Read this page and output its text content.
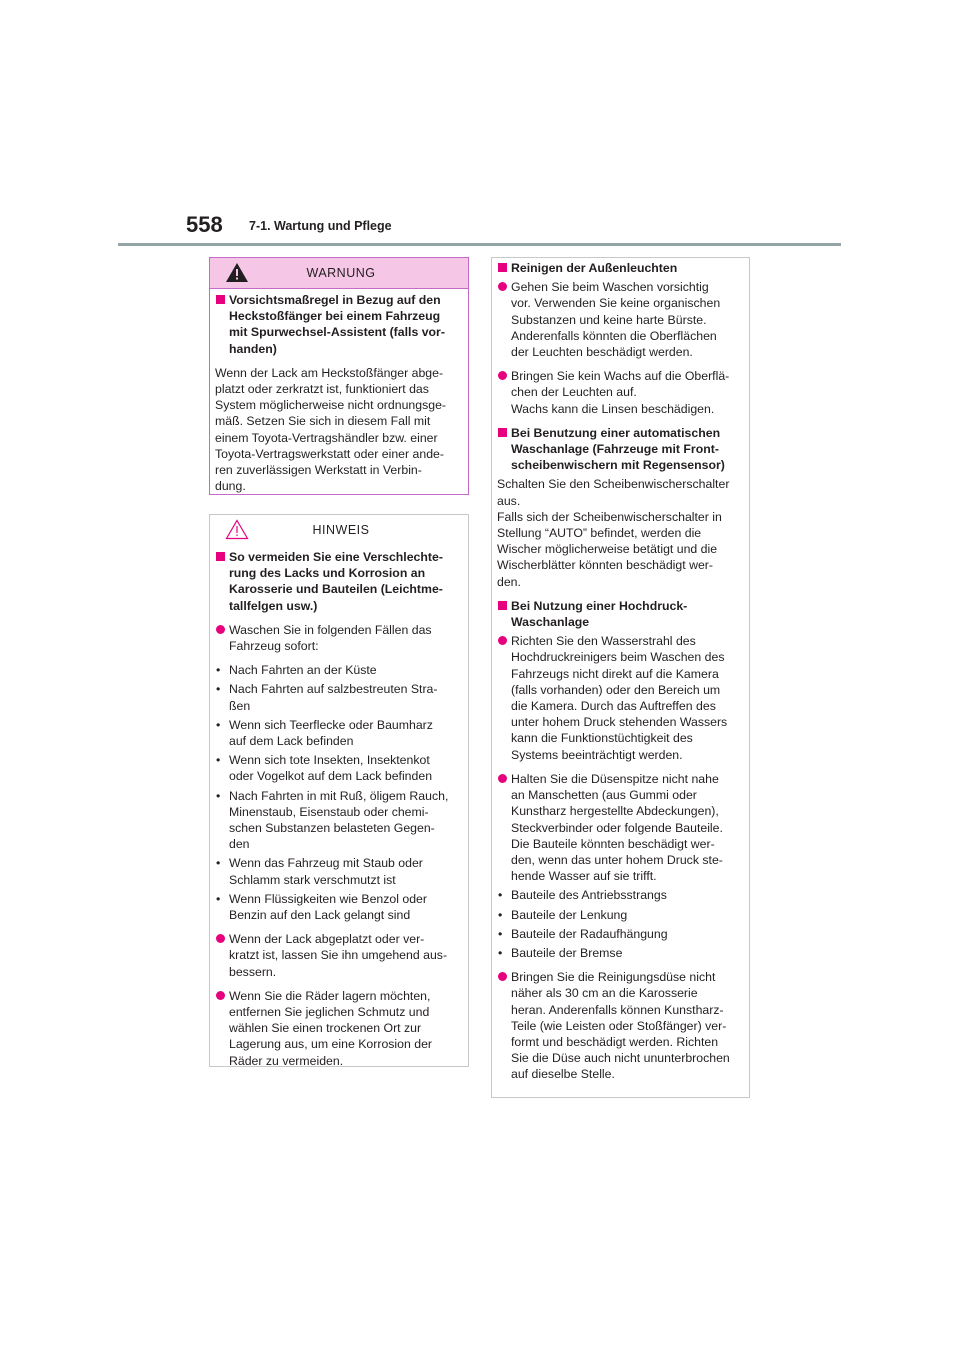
558 7-1. Wartung und Pflege
WARNUNG
Vorsichtsmaßregel in Bezug auf den
Heckstoßfänger bei einem Fahrzeug
mit Spurwechsel-Assistent (falls vor-
handen)
Wenn der Lack am Heckstoßfänger abge-
platzt oder zerkratzt ist, funktioniert das
System möglicherweise nicht ordnungsge-
mäß. Setzen Sie sich in diesem Fall mit
einem Toyota-Vertragshändler bzw. einer
Toyota-Vertragswerkstatt oder einer ande-
ren zuverlässigen Werkstatt in Verbin-
dung.
HINWEIS
So vermeiden Sie eine Verschlechte-
rung des Lacks und Korrosion an
Karosserie und Bauteilen (Leichtme-
tallfelgen usw.)
Waschen Sie in folgenden Fällen das
Fahrzeug sofort:
• Nach Fahrten an der Küste
• Nach Fahrten auf salzbestreuten Stra-
ßen
• Wenn sich Teerflecke oder Baumharz
auf dem Lack befinden
• Wenn sich tote Insekten, Insektenkot
oder Vogelkot auf dem Lack befinden
• Nach Fahrten in mit Ruß, öligem Rauch,
Minenstaub, Eisenstaub oder chemi-
schen Substanzen belasteten Gegen-
den
• Wenn das Fahrzeug mit Staub oder
Schlamm stark verschmutzt ist
• Wenn Flüssigkeiten wie Benzol oder
Benzin auf den Lack gelangt sind
Wenn der Lack abgeplatzt oder ver-
kratzt ist, lassen Sie ihn umgehend aus-
bessern.
Wenn Sie die Räder lagern möchten,
entfernen Sie jeglichen Schmutz und
wählen Sie einen trockenen Ort zur
Lagerung aus, um eine Korrosion der
Räder zu vermeiden.
Reinigen der Außenleuchten
Gehen Sie beim Waschen vorsichtig
vor. Verwenden Sie keine organischen
Substanzen und keine harte Bürste.
Anderenfalls könnten die Oberflächen
der Leuchten beschädigt werden.
Bringen Sie kein Wachs auf die Oberflä-
chen der Leuchten auf.
Wachs kann die Linsen beschädigen.
Bei Benutzung einer automatischen
Waschanlage (Fahrzeuge mit Front-
scheibenwischern mit Regensensor)
Schalten Sie den Scheibenwischerschalter
aus.
Falls sich der Scheibenwischerschalter in
Stellung “AUTO” befindet, werden die
Wischer möglicherweise betätigt und die
Wischerblätter könnten beschädigt wer-
den.
Bei Nutzung einer Hochdruck-
Waschanlage
Richten Sie den Wasserstrahl des
Hochdruckreinigers beim Waschen des
Fahrzeugs nicht direkt auf die Kamera
(falls vorhanden) oder den Bereich um
die Kamera. Durch das Auftreffen des
unter hohem Druck stehenden Wassers
kann die Funktionstüchtigkeit des
Systems beeinträchtigt werden.
Halten Sie die Düsenspitze nicht nahe
an Manschetten (aus Gummi oder
Kunstharz hergestellte Abdeckungen),
Steckverbinder oder folgende Bauteile.
Die Bauteile könnten beschädigt wer-
den, wenn das unter hohem Druck ste-
hende Wasser auf sie trifft.
• Bauteile des Antriebsstrangs
• Bauteile der Lenkung
• Bauteile der Radaufhängung
• Bauteile der Bremse
Bringen Sie die Reinigungsdüse nicht
näher als 30 cm an die Karosserie
heran. Anderenfalls können Kunstharz-
Teile (wie Leisten oder Stoßfänger) ver-
formt und beschädigt werden. Richten
Sie die Düse auch nicht ununterbrochen
auf dieselbe Stelle.
